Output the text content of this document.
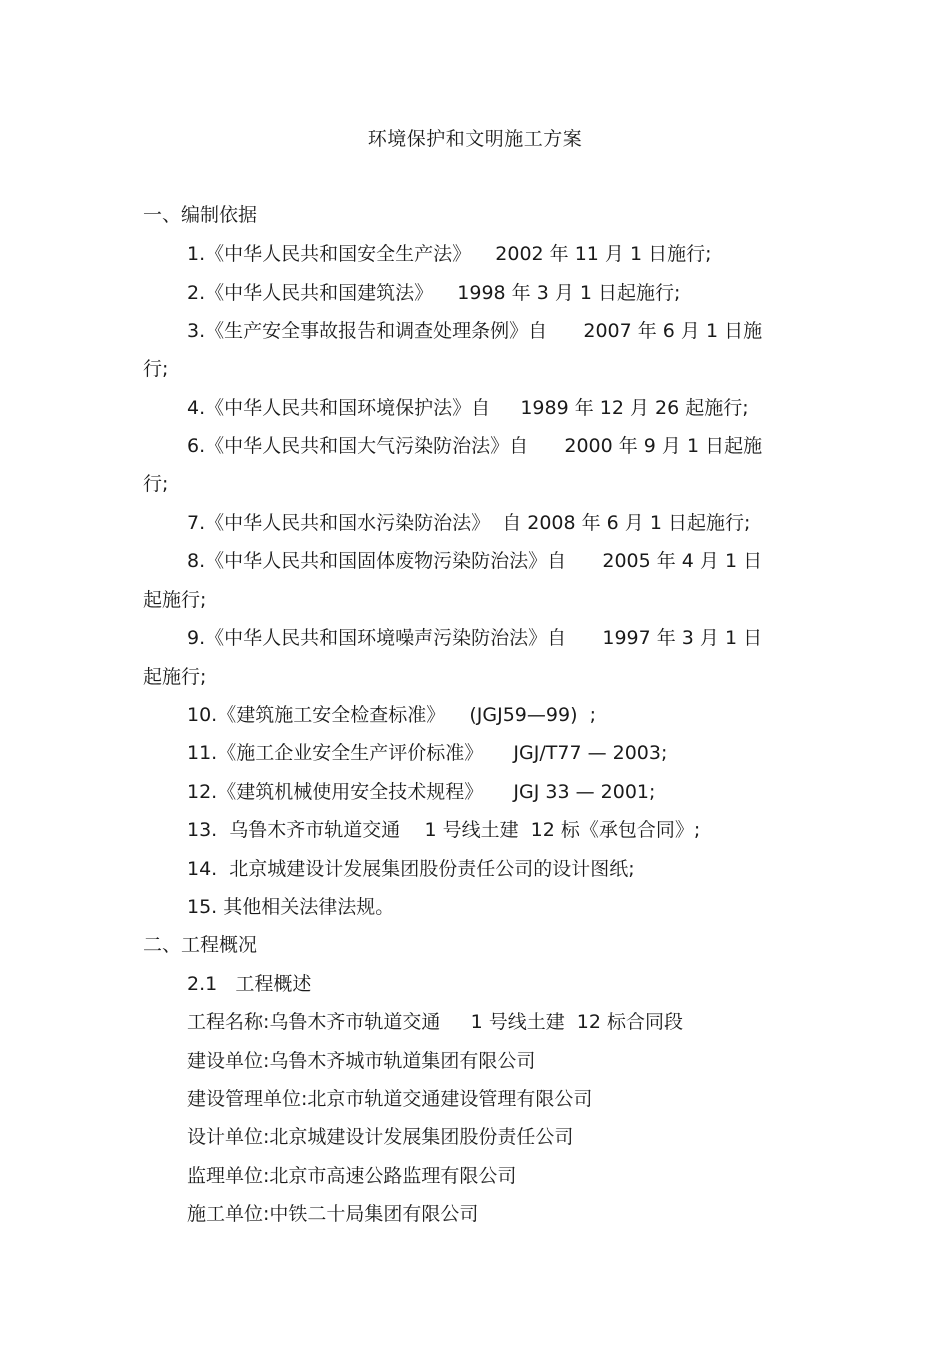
环境保护和文明施工方案
一、编制依据
1.《中华人民共和国安全生产法》    2002 年 11 月 1 日施行;
2.《中华人民共和国建筑法》    1998 年 3 月 1 日起施行;
3.《生产安全事故报告和调查处理条例》自      2007 年 6 月 1 日施
行;
4.《中华人民共和国环境保护法》自     1989 年 12 月 26 起施行;
6.《中华人民共和国大气污染防治法》自      2000 年 9 月 1 日起施
行;
7.《中华人民共和国水污染防治法》  自 2008 年 6 月 1 日起施行;
8.《中华人民共和国固体废物污染防治法》自      2005 年 4 月 1 日
起施行;
9.《中华人民共和国环境噪声污染防治法》自      1997 年 3 月 1 日
起施行;
10.《建筑施工安全检查标准》    (JGJ59—99)  ;
11.《施工企业安全生产评价标准》     JGJ/T77 — 2003;
12.《建筑机械使用安全技术规程》     JGJ 33 — 2001;
13.  乌鲁木齐市轨道交通    1 号线土建  12 标《承包合同》;
14.  北京城建设计发展集团股份责任公司的设计图纸;
15. 其他相关法律法规。
二、工程概况
2.1   工程概述
工程名称:乌鲁木齐市轨道交通     1 号线土建  12 标合同段
建设单位:乌鲁木齐城市轨道集团有限公司
建设管理单位:北京市轨道交通建设管理有限公司
设计单位:北京城建设计发展集团股份责任公司
监理单位:北京市高速公路监理有限公司
施工单位:中铁二十局集团有限公司
